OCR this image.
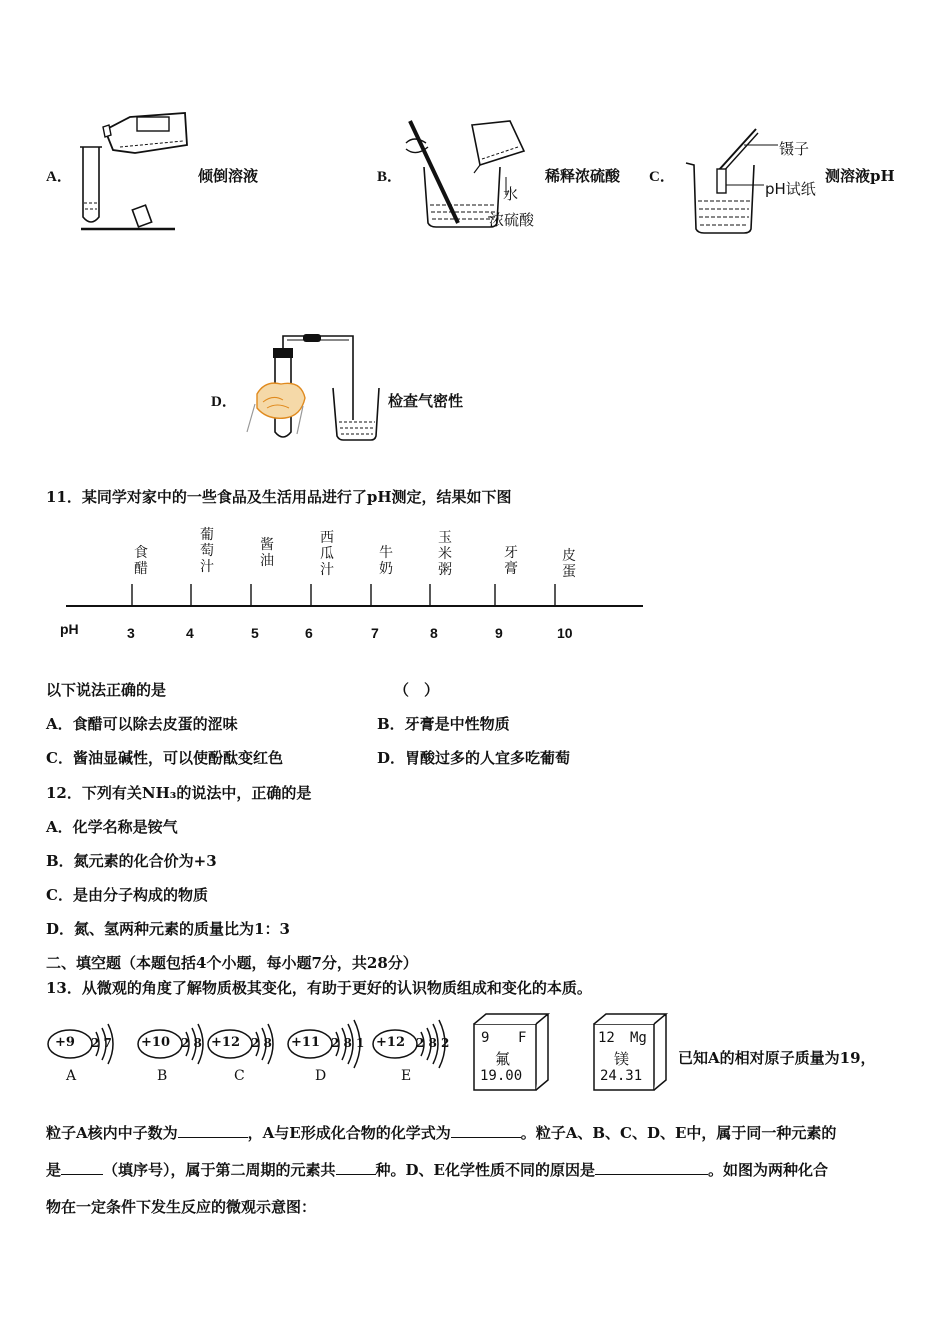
A．	倾倒溶液	B．
水
浓硫酸
稀释浓硫酸 C．
镊子
pH试纸
测溶液pH
D．	检查气密性
11．某同学对家中的一些食品及生活用品进行了pH测定，结果如下图
食醋
葡萄汁
酱油
西瓜汁
牛奶
玉米粥
牙膏
皮蛋
pH	3	4	5	6	7	8	9	10
以下说法正确的是	（　）
A．食醋可以除去皮蛋的涩味	B．牙膏是中性物质
C．酱油显碱性，可以使酚酞变红色	D．胃酸过多的人宜多吃葡萄
12．下列有关NH₃的说法中，正确的是
A．化学名称是铵气
B．氮元素的化合价为+3
C．是由分子构成的物质
D．氮、氢两种元素的质量比为1：3
二、填空题（本题包括4个小题，每小题7分，共28分）
13．从微观的角度了解物质极其变化，有助于更好的认识物质组成和变化的本质。
+9 2 7
A
+10 2 8
B
+12 2 8
C
+11 2 8 1
D
+12 2 8 2
E
9 F
氟
19.00
12 Mg
镁
24.31
已知A的相对原子质量为19，
粒子A核内中子数为	，A与E形成化合物的化学式为	。粒子A、B、C、D、E中，属于同一种元素的
是	（填序号），属于第二周期的元素共	种。D、E化学性质不同的原因是	。如图为两种化合
物在一定条件下发生反应的微观示意图：
